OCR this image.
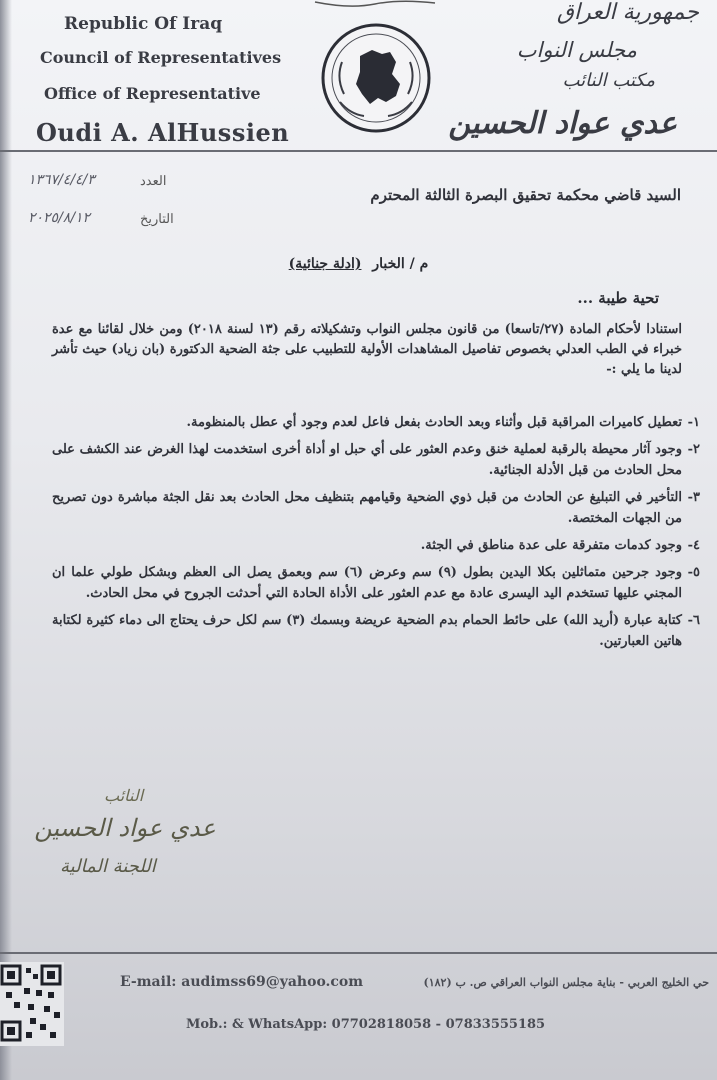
Republic Of Iraq
Council of Representatives
Office of Representative
Oudi A. AlHussien
جمهورية العراق
مجلس النواب
مكتب النائب
عدي عواد الحسين
١٣٦٧/٤/٤/٣	العدد
٢٠٢٥/٨/١٢	التاريخ
السيد قاضي محكمة تحقيق البصرة الثالثة المحترم
م / الخبار (ادلة جنائية)
تحية طيبة ...

استنادا لأحكام المادة (٢٧/تاسعا) من قانون مجلس النواب وتشكيلاته رقم (١٣ لسنة ٢٠١٨) ومن خلال لقائنا مع عدة خبراء في الطب العدلي بخصوص تفاصيل المشاهدات الأولية للتطبيب على جثة الضحية الدكتورة (بان زياد) حيث تأشر لدينا ما يلي :-

١-
تعطيل كاميرات المراقبة قبل وأثناء وبعد الحادث بفعل فاعل لعدم وجود أي عطل بالمنظومة.
٢-
وجود آثار محيطة بالرقبة لعملية خنق وعدم العثور على أي حبل او أداة أخرى استخدمت لهذا الغرض عند الكشف على محل الحادث من قبل الأدلة الجنائية.
٣-
التأخير في التبليغ عن الحادث من قبل ذوي الضحية وقيامهم بتنظيف محل الحادث بعد نقل الجثة مباشرة دون تصريح من الجهات المختصة.
٤-
وجود كدمات متفرقة على عدة مناطق في الجثة.
٥-
وجود جرحين متماثلين بكلا اليدين بطول (٩) سم وعرض (٦) سم وبعمق يصل الى العظم وبشكل طولي علما ان المجني عليها تستخدم اليد اليسرى عادة مع عدم العثور على الأداة الحادة التي أحدثت الجروح في محل الحادث.
٦-
كتابة عبارة (أريد الله) على حائط الحمام بدم الضحية عريضة وبسمك (٣) سم لكل حرف يحتاج الى دماء كثيرة لكتابة هاتين العبارتين.
النائب
عدي عواد الحسين
اللجنة المالية
E-mail: audimss69@yahoo.com	حي الخليج العربي - بناية مجلس النواب العراقي ص. ب (١٨٢)
Mob.: & WhatsApp: 07702818058 - 07833555185
